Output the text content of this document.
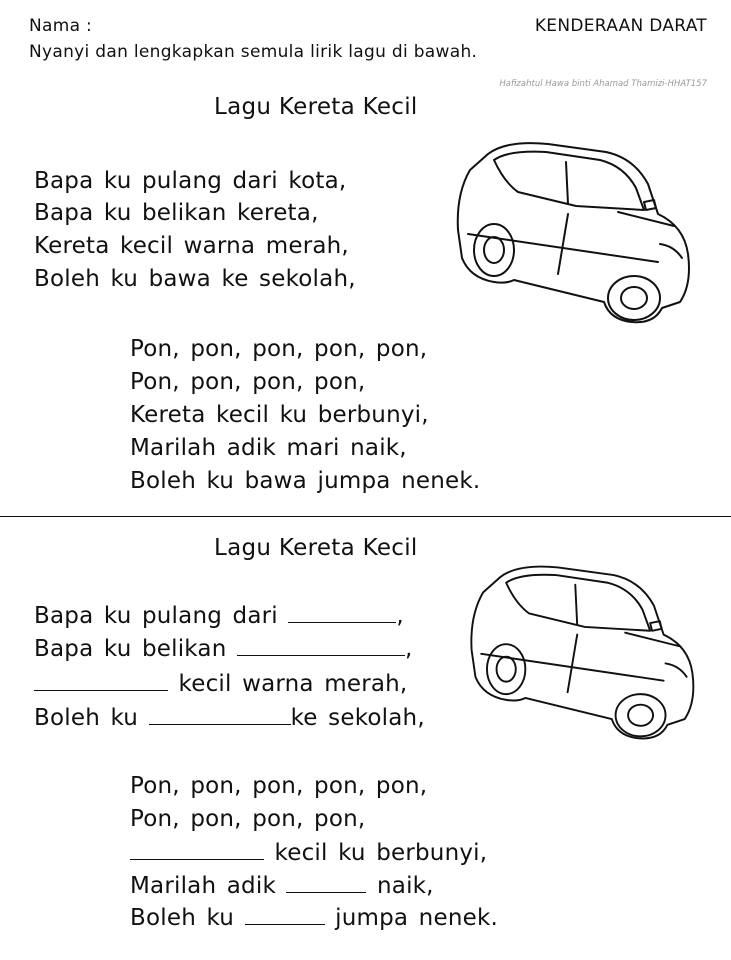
Nama :	KENDERAAN DARAT
Nyanyi dan lengkapkan semula lirik lagu di bawah.
Hafizahtul Hawa binti Ahamad Thamizi-HHAT157
Lagu Kereta Kecil
Bapa ku pulang dari kota,
Bapa ku belikan kereta,
Kereta kecil warna merah,
Boleh ku bawa ke sekolah,
Pon, pon, pon, pon, pon,
Pon, pon, pon, pon,
Kereta kecil ku berbunyi,
Marilah adik mari naik,
Boleh ku bawa jumpa nenek.
Lagu Kereta Kecil
Bapa ku pulang dari	,
Bapa ku belikan	,
kecil warna merah,
Boleh ku	ke sekolah,
Pon, pon, pon, pon, pon,
Pon, pon, pon, pon,
kecil ku berbunyi,
Marilah adik	naik,
Boleh ku	jumpa nenek.
